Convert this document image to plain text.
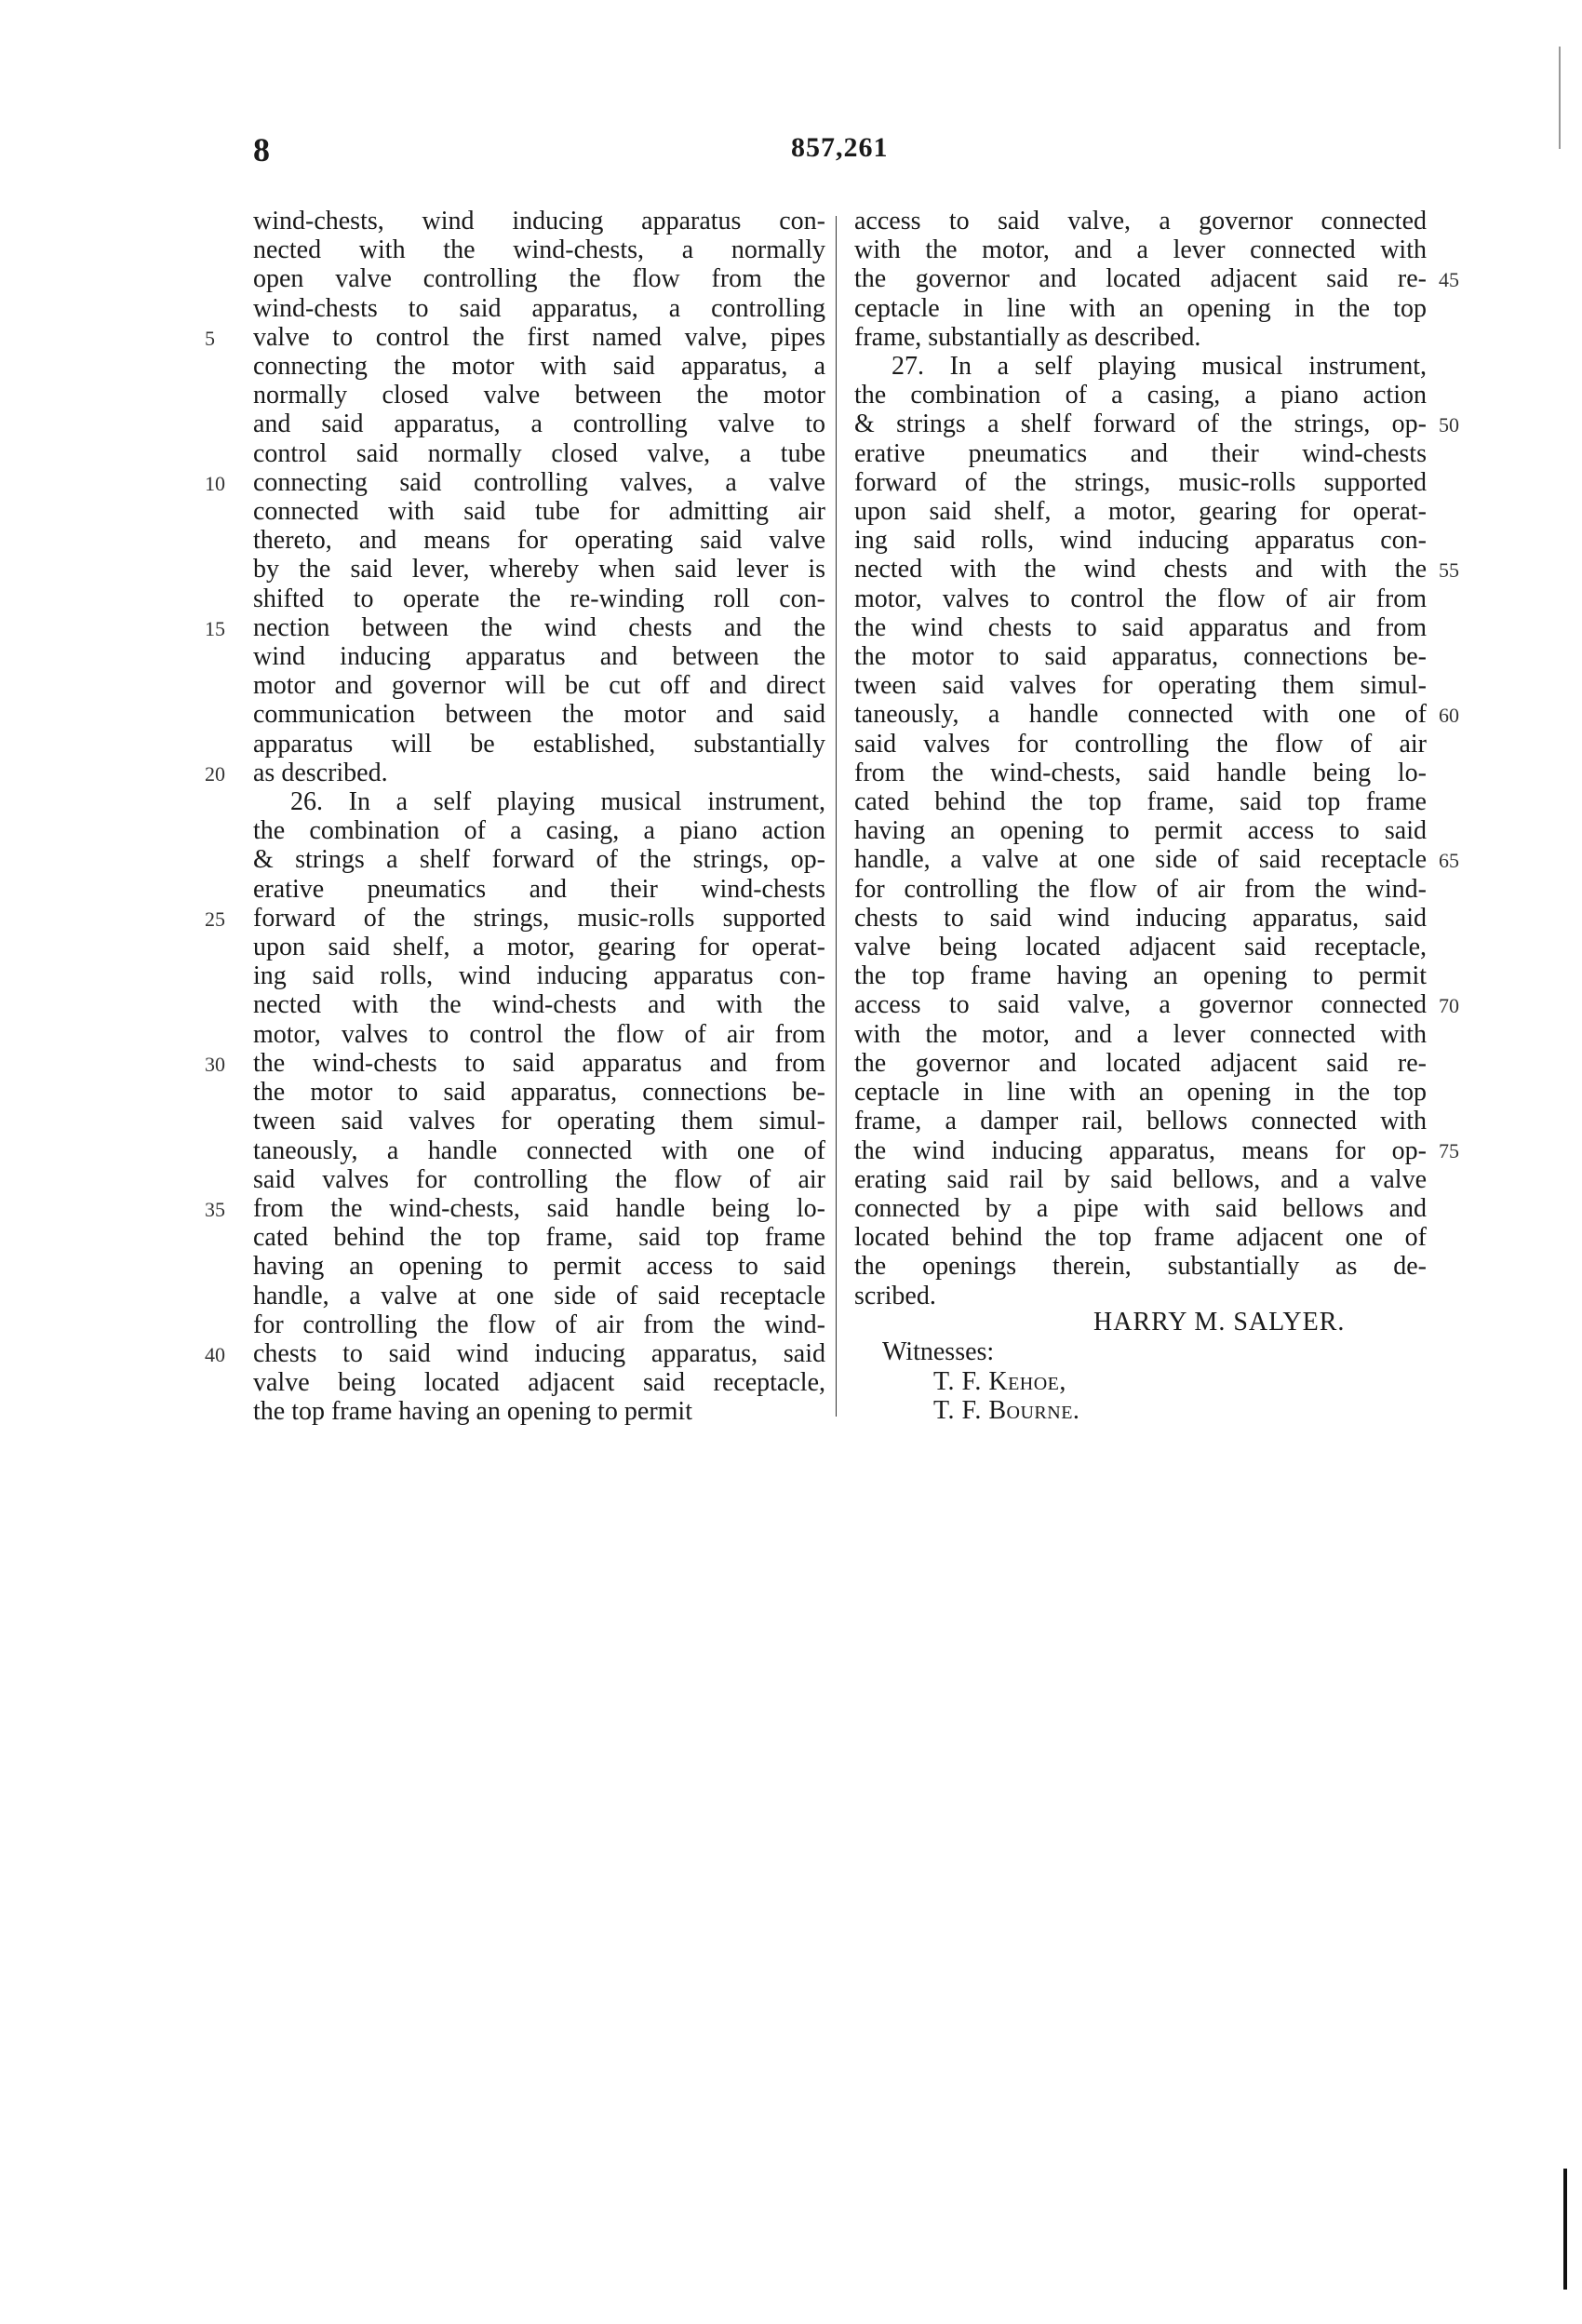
8	857,261
wind-chests, wind inducing apparatus con-
nected with the wind-chests, a normally
open valve controlling the flow from the
wind-chests to said apparatus, a controlling
valve to control the first named valve, pipes
connecting the motor with said apparatus, a
normally closed valve between the motor
and said apparatus, a controlling valve to
control said normally closed valve, a tube
connecting said controlling valves, a valve
connected with said tube for admitting air
thereto, and means for operating said valve
by the said lever, whereby when said lever is
shifted to operate the re-winding roll con-
nection between the wind chests and the
wind inducing apparatus and between the
motor and governor will be cut off and direct
communication between the motor and said
apparatus will be established, substantially
as described.
26. In a self playing musical instrument,
the combination of a casing, a piano action
& strings a shelf forward of the strings, op-
erative pneumatics and their wind-chests
forward of the strings, music-rolls supported
upon said shelf, a motor, gearing for operat-
ing said rolls, wind inducing apparatus con-
nected with the wind-chests and with the
motor, valves to control the flow of air from
the wind-chests to said apparatus and from
the motor to said apparatus, connections be-
tween said valves for operating them simul-
taneously, a handle connected with one of
said valves for controlling the flow of air
from the wind-chests, said handle being lo-
cated behind the top frame, said top frame
having an opening to permit access to said
handle, a valve at one side of said receptacle
for controlling the flow of air from the wind-
chests to said wind inducing apparatus, said
valve being located adjacent said receptacle,
the top frame having an opening to permit
access to said valve, a governor connected
with the motor, and a lever connected with
the governor and located adjacent said re-
ceptacle in line with an opening in the top
frame, substantially as described.
27. In a self playing musical instrument,
the combination of a casing, a piano action
& strings a shelf forward of the strings, op-
erative pneumatics and their wind-chests
forward of the strings, music-rolls supported
upon said shelf, a motor, gearing for operat-
ing said rolls, wind inducing apparatus con-
nected with the wind chests and with the
motor, valves to control the flow of air from
the wind chests to said apparatus and from
the motor to said apparatus, connections be-
tween said valves for operating them simul-
taneously, a handle connected with one of
said valves for controlling the flow of air
from the wind-chests, said handle being lo-
cated behind the top frame, said top frame
having an opening to permit access to said
handle, a valve at one side of said receptacle
for controlling the flow of air from the wind-
chests to said wind inducing apparatus, said
valve being located adjacent said receptacle,
the top frame having an opening to permit
access to said valve, a governor connected
with the motor, and a lever connected with
the governor and located adjacent said re-
ceptacle in line with an opening in the top
frame, a damper rail, bellows connected with
the wind inducing apparatus, means for op-
erating said rail by said bellows, and a valve
connected by a pipe with said bellows and
located behind the top frame adjacent one of
the openings therein, substantially as de-
scribed.
5
10
15
20
25
30
35
40
45
50
55
60
65
70
75
HARRY M. SALYER.
Witnesses:
T. F. Kehoe,
T. F. Bourne.
